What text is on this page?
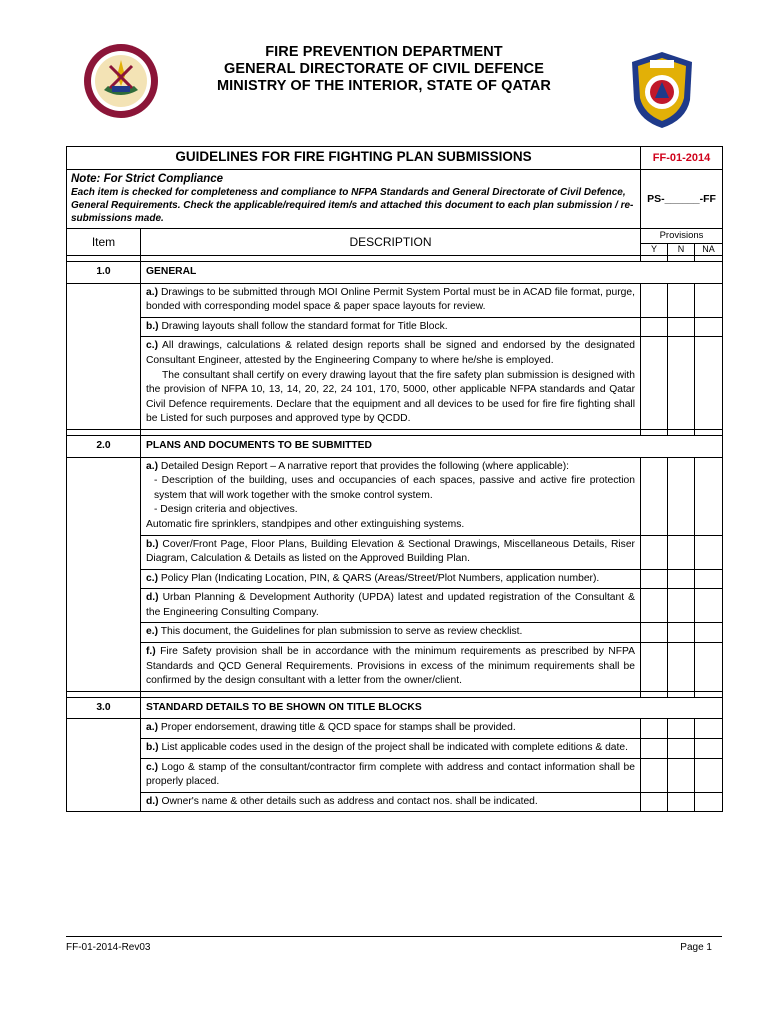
FIRE PREVENTION DEPARTMENT
GENERAL DIRECTORATE OF CIVIL DEFENCE
MINISTRY OF THE INTERIOR, STATE OF QATAR
GUIDELINES FOR FIRE FIGHTING PLAN SUBMISSIONS		FF-01-2014		

Note: For Strict Compliance
Each item is checked for completeness and compliance to NFPA Standards and General Directorate of Civil Defence, General Requirements. Check the applicable/required item/s and attached this document to each plan submission / re-submissions made.		PS-______-FF		
Item	DESCRIPTION	Provisions		
		Y	N	NA

1.0	GENERAL			
	a.) Drawings to be submitted through MOI Online Permit System Portal must be in ACAD file format, purge, bonded with corresponding model space & paper space layouts for review.			
	b.) Drawing layouts shall follow the standard format for Title Block.			

	c.) All drawings, calculations & related design reports shall be signed and endorsed by the designated Consultant Engineer, attested by the Engineering Company to where he/she is employed.
The consultant shall certify on every drawing layout that the fire safety plan submission is designed with the provision of NFPA 10, 13, 14, 20, 22, 24 101, 170, 5000, other applicable NFPA standards and Qatar Civil Defence requirements. Declare that the equipment and all devices to be used for fire fire fighting shall be Listed for such purposes and approved type by QCDD.			

2.0	PLANS AND DOCUMENTS TO BE SUBMITTED			

	a.) Detailed Design Report – A narrative report that provides the following (where applicable):
- Description of the building, uses and occupancies of each spaces, passive and active fire protection system that will work together with the smoke control system.
- Design criteria and objectives.
Automatic fire sprinklers, standpipes and other extinguishing systems.			

	b.) Cover/Front Page, Floor Plans, Building Elevation & Sectional Drawings, Miscellaneous Details, Riser Diagram, Calculation & Details as listed on the Approved Building Plan.			
	c.) Policy Plan (Indicating Location, PIN, & QARS (Areas/Street/Plot Numbers, application number).			
	d.) Urban Planning & Development Authority (UPDA) latest and updated registration of the Consultant & the Engineering Consulting Company.			
	e.) This document, the Guidelines for plan submission to serve as review checklist.			
	f.) Fire Safety provision shall be in accordance with the minimum requirements as prescribed by NFPA Standards and QCD General Requirements. Provisions in excess of the minimum requirements shall be confirmed by the design consultant with a letter from the owner/client.			

3.0	STANDARD DETAILS TO BE SHOWN ON TITLE BLOCKS			
	a.) Proper endorsement, drawing title & QCD space for stamps shall be provided.			
	b.) List applicable codes used in the design of the project shall be indicated with complete editions & date.			
	c.) Logo & stamp of the consultant/contractor firm complete with address and contact information shall be properly placed.			
	d.) Owner's name & other details such as address and contact nos. shall be indicated.			
FF-01-2014-Rev03	Page 1
